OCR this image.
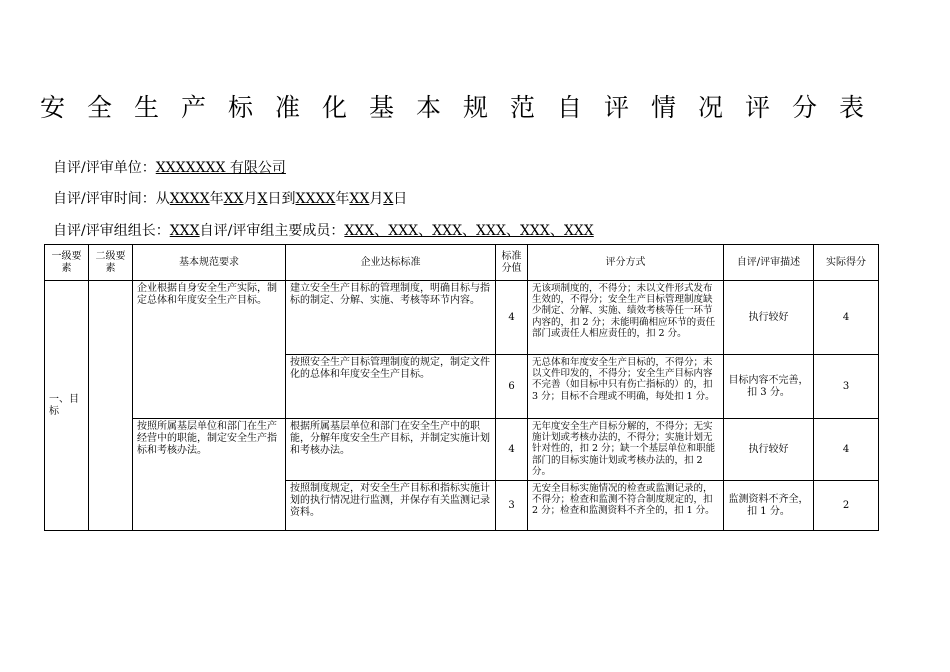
安全生产标准化基本规范自评情况评分表
自评/评审单位：XXXXXXX 有限公司
自评/评审时间：从XXXX年XX月X日到XXXX年XX月X日
自评/评审组组长：XXX自评/评审组主要成员：XXX、XXX、XXX、XXX、XXX、XXX
一级要素	二级要素	基本规范要求	企业达标标准	标准分值	评分方式	自评/评审描述	实际得分
一、目标		企业根据自身安全生产实际，制定总体和年度安全生产目标。	建立安全生产目标的管理制度，明确目标与指标的制定、分解、实施、考核等环节内容。	4	无该项制度的，不得分；未以文件形式发布生效的，不得分；安全生产目标管理制度缺少制定、分解、实施、绩效考核等任一环节内容的，扣 2 分；未能明确相应环节的责任部门或责任人相应责任的，扣 2 分。	执行较好	4
			按照安全生产目标管理制度的规定，制定文件化的总体和年度安全生产目标。	6	无总体和年度安全生产目标的，不得分；未以文件印发的，不得分；安全生产目标内容不完善（如目标中只有伤亡指标的）的，扣 3 分；目标不合理或不明确，每处扣 1 分。	目标内容不完善，扣 3 分。	3
		按照所属基层单位和部门在生产经营中的职能，制定安全生产指标和考核办法。	根据所属基层单位和部门在安全生产中的职能，分解年度安全生产目标，并制定实施计划和考核办法。	4	无年度安全生产目标分解的，不得分；无实施计划或考核办法的，不得分；实施计划无针对性的，扣 2 分；缺一个基层单位和职能部门的目标实施计划或考核办法的，扣 2 分。	执行较好	4
			按照制度规定，对安全生产目标和指标实施计划的执行情况进行监测，并保存有关监测记录资料。	3	无安全目标实施情况的检查或监测记录的，不得分；检查和监测不符合制度规定的，扣 2 分；检查和监测资料不齐全的，扣 1 分。	监测资料不齐全，扣 1 分。	2
